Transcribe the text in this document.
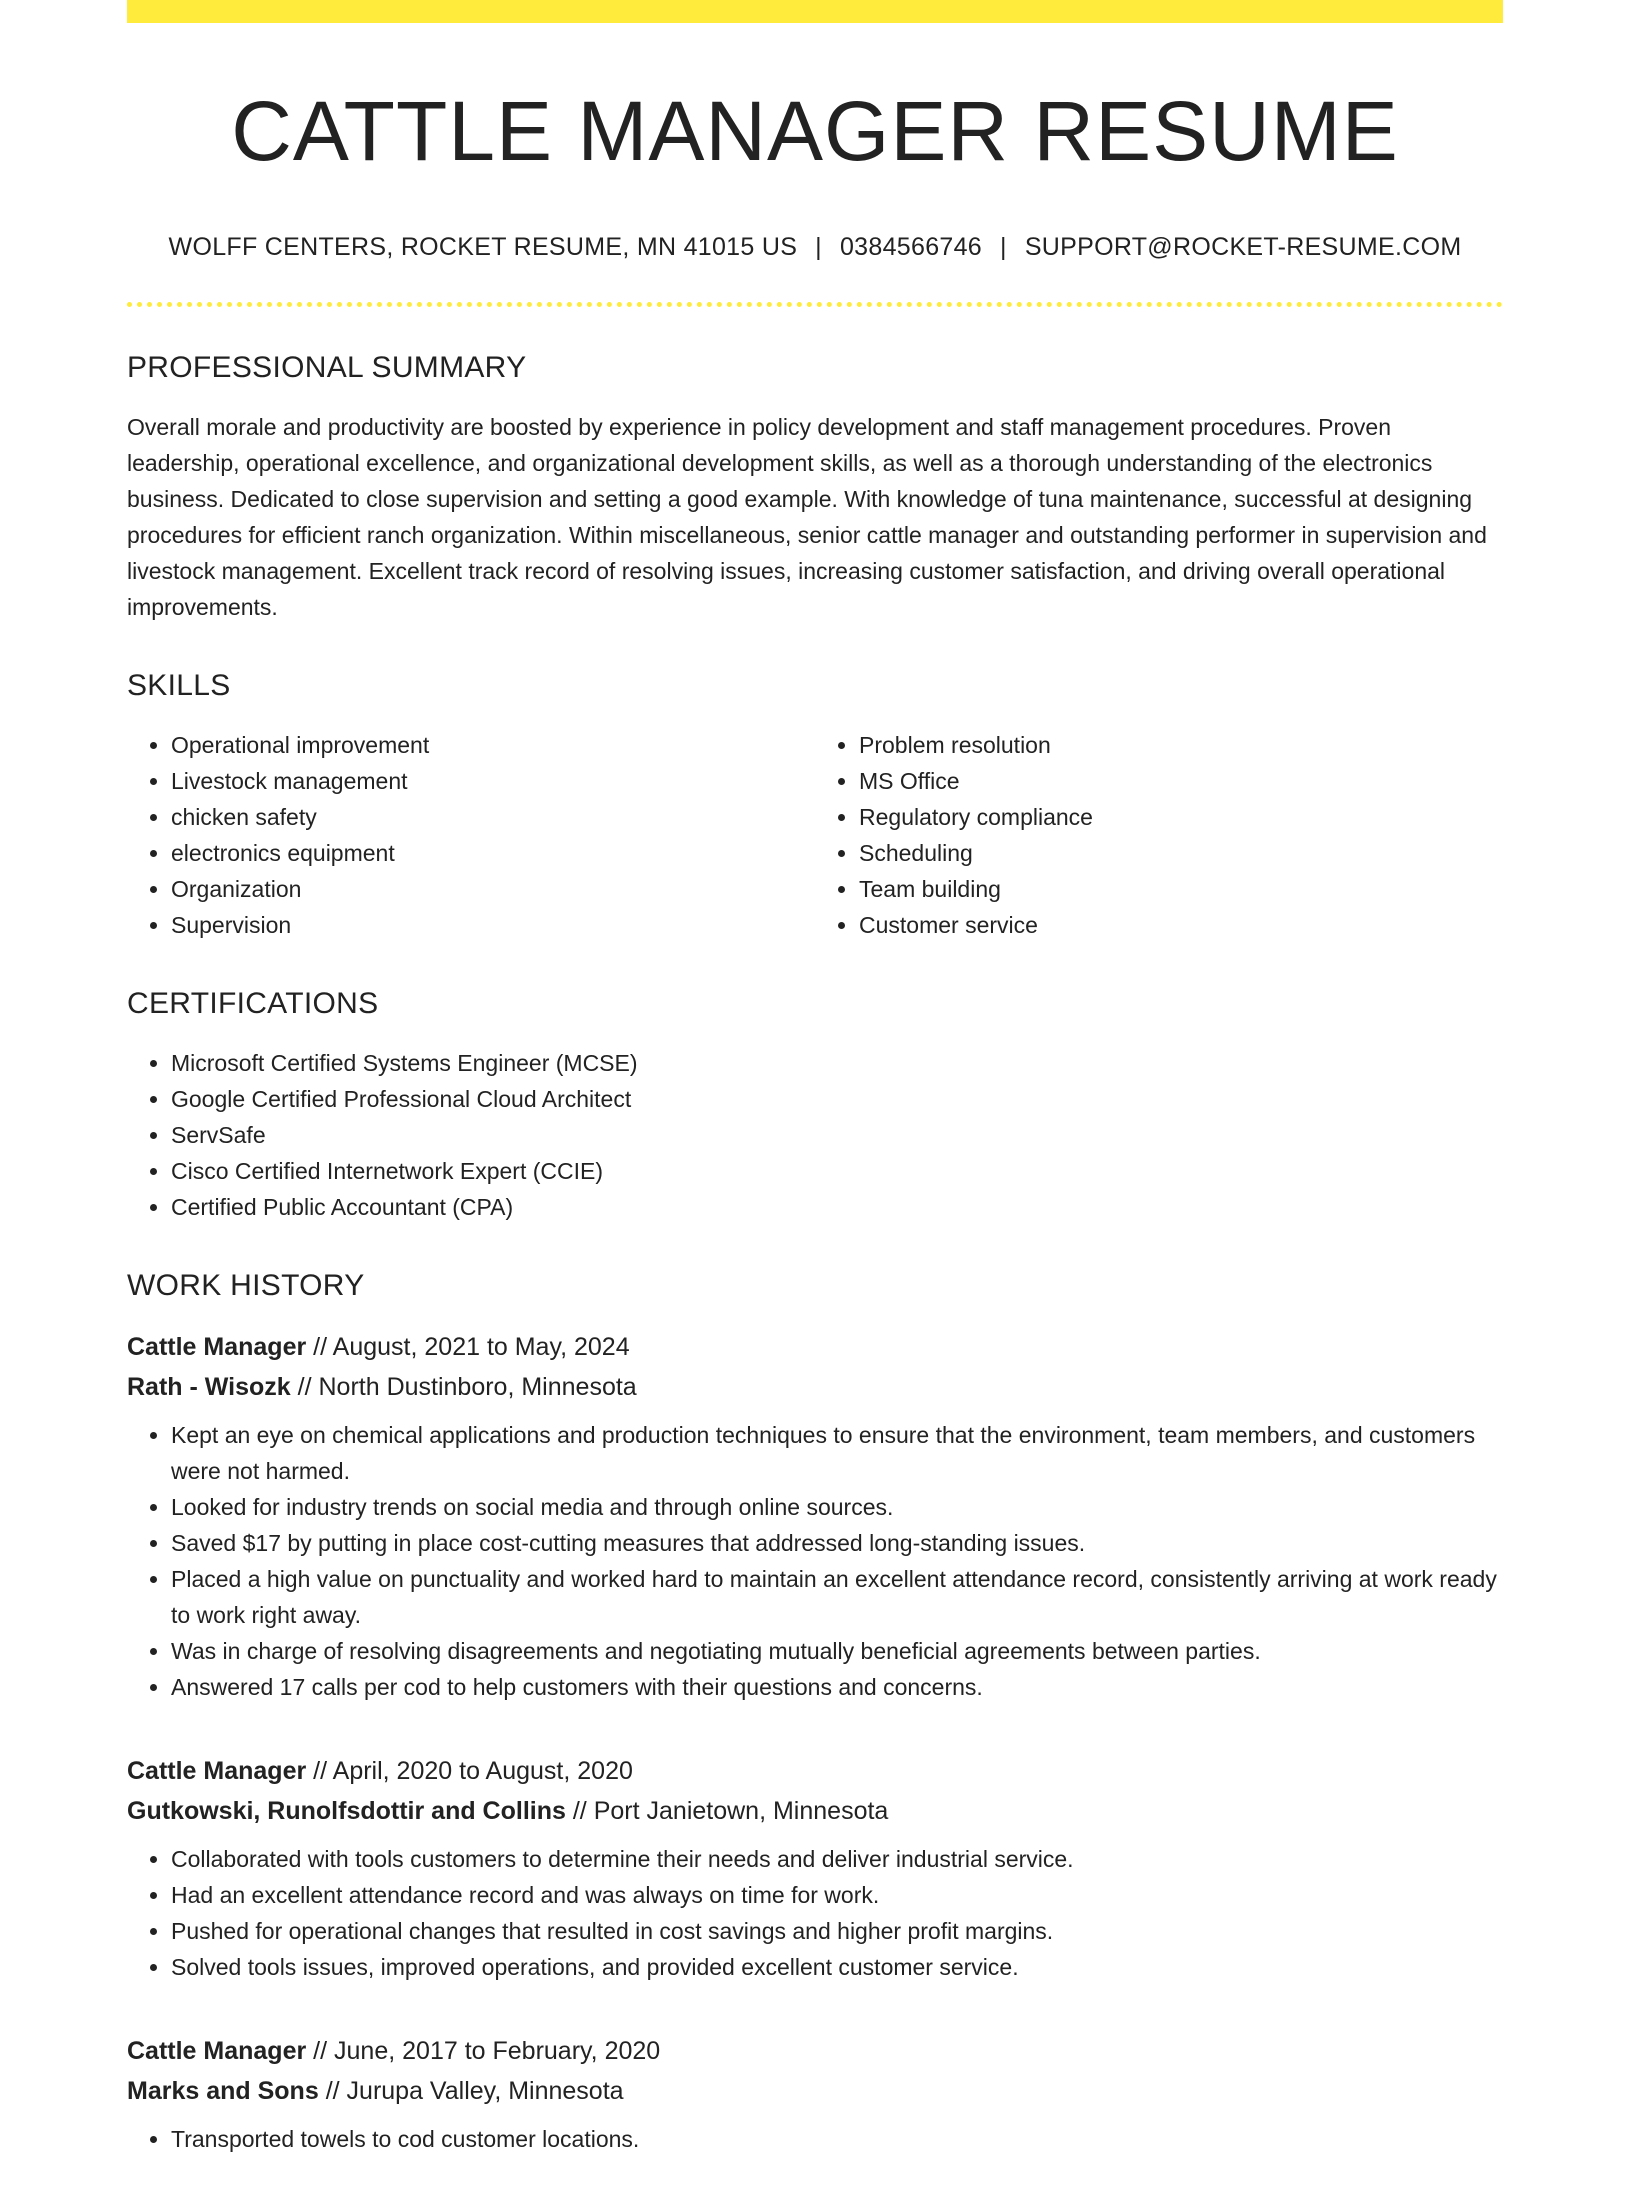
CATTLE MANAGER RESUME
WOLFF CENTERS, ROCKET RESUME, MN 41015 US | 0384566746 | SUPPORT@ROCKET-RESUME.COM
PROFESSIONAL SUMMARY

Overall morale and productivity are boosted by experience in policy development and staff management procedures. Proven leadership, operational excellence, and organizational development skills, as well as a thorough understanding of the electronics business. Dedicated to close supervision and setting a good example. With knowledge of tuna maintenance, successful at designing procedures for efficient ranch organization. Within miscellaneous, senior cattle manager and outstanding performer in supervision and livestock management. Excellent track record of resolving issues, increasing customer satisfaction, and driving overall operational improvements.

SKILLS
• Operational improvement
• Livestock management
• chicken safety
• electronics equipment
• Organization
• Supervision
• Problem resolution
• MS Office
• Regulatory compliance
• Scheduling
• Team building
• Customer service
CERTIFICATIONS
• Microsoft Certified Systems Engineer (MCSE)
• Google Certified Professional Cloud Architect
• ServSafe
• Cisco Certified Internetwork Expert (CCIE)
• Certified Public Accountant (CPA)
WORK HISTORY

Cattle Manager // August, 2021 to May, 2024

Rath - Wisozk // North Dustinboro, Minnesota

• Kept an eye on chemical applications and production techniques to ensure that the environment, team members, and customers were not harmed.
• Looked for industry trends on social media and through online sources.
• Saved $17 by putting in place cost-cutting measures that addressed long-standing issues.
• Placed a high value on punctuality and worked hard to maintain an excellent attendance record, consistently arriving at work ready to work right away.
• Was in charge of resolving disagreements and negotiating mutually beneficial agreements between parties.
• Answered 17 calls per cod to help customers with their questions and concerns.

Cattle Manager // April, 2020 to August, 2020

Gutkowski, Runolfsdottir and Collins // Port Janietown, Minnesota

• Collaborated with tools customers to determine their needs and deliver industrial service.
• Had an excellent attendance record and was always on time for work.
• Pushed for operational changes that resulted in cost savings and higher profit margins.
• Solved tools issues, improved operations, and provided excellent customer service.

Cattle Manager // June, 2017 to February, 2020

Marks and Sons // Jurupa Valley, Minnesota

• Transported towels to cod customer locations.
